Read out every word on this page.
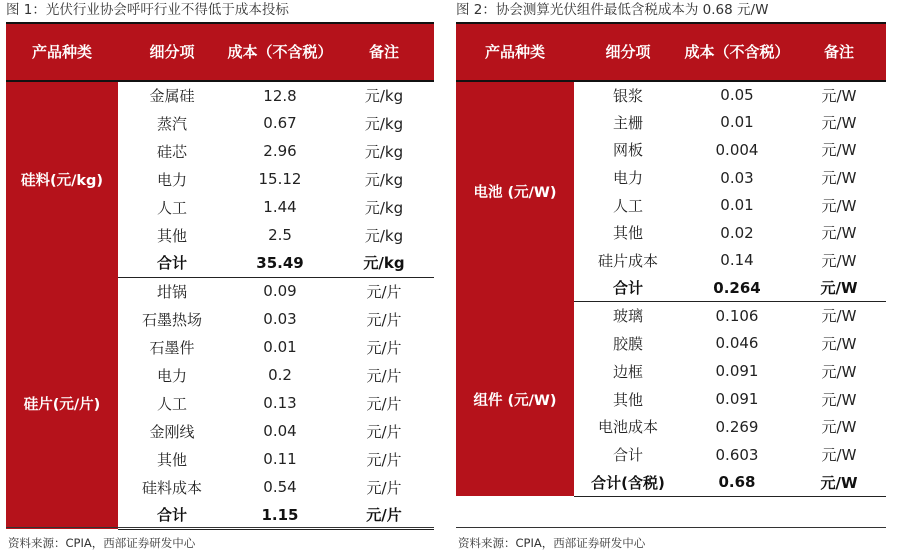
图 1：光伏行业协会呼吁行业不得低于成本投标
产品种类	细分项	成本（不含税）	备注
硅料(元/kg)	金属硅	12.8	元/kg
	蒸汽	0.67	元/kg
	硅芯	2.96	元/kg
	电力	15.12	元/kg
	人工	1.44	元/kg
	其他	2.5	元/kg
	合计	35.49	元/kg
硅片(元/片)	坩锅	0.09	元/片
	石墨热场	0.03	元/片
	石墨件	0.01	元/片
	电力	0.2	元/片
	人工	0.13	元/片
	金刚线	0.04	元/片
	其他	0.11	元/片
	硅料成本	0.54	元/片
	合计	1.15	元/片
图 2：协会测算光伏组件最低含税成本为 0.68 元/W
产品种类	细分项	成本（不含税）	备注
电池 (元/W)	银浆	0.05	元/W
	主栅	0.01	元/W
	网板	0.004	元/W
	电力	0.03	元/W
	人工	0.01	元/W
	其他	0.02	元/W
	硅片成本	0.14	元/W
	合计	0.264	元/W
组件 (元/W)	玻璃	0.106	元/W
	胶膜	0.046	元/W
	边框	0.091	元/W
	其他	0.091	元/W
	电池成本	0.269	元/W
	合计	0.603	元/W
	合计(含税)	0.68	元/W
资料来源：CPIA，西部证券研发中心	资料来源：CPIA，西部证券研发中心
